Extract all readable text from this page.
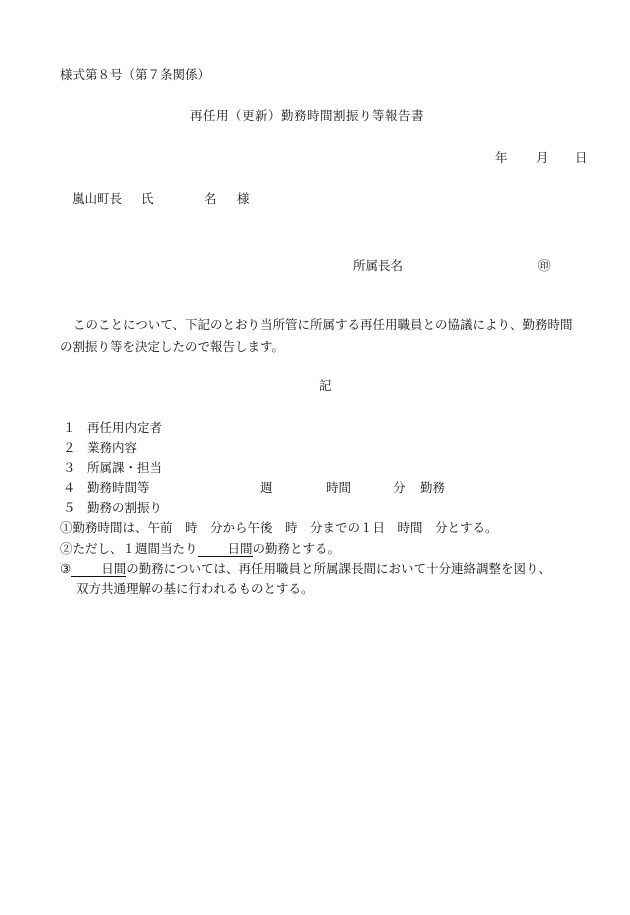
様式第８号（第７条関係）
再任用（更新）勤務時間割振り等報告書
年 月 日
嵐山町長 氏	名 様
所属長名	㊞
このことについて、下記のとおり当所管に所属する再任用職員との協議により、勤務時間の割振り等を決定したので報告します。
記
１ 再任用内定者
２ 業務内容
３ 所属課・担当
４ 勤務時間等	週	時間	分 勤務
５ 勤務の割振り
①勤務時間は、午前　時　分から午後　時　分までの１日　時間　分とする。
②ただし、１週間当たり 日間の勤務とする。
③ 日間の勤務については、再任用職員と所属課長間において十分連絡調整を図り、
双方共通理解の基に行われるものとする。
